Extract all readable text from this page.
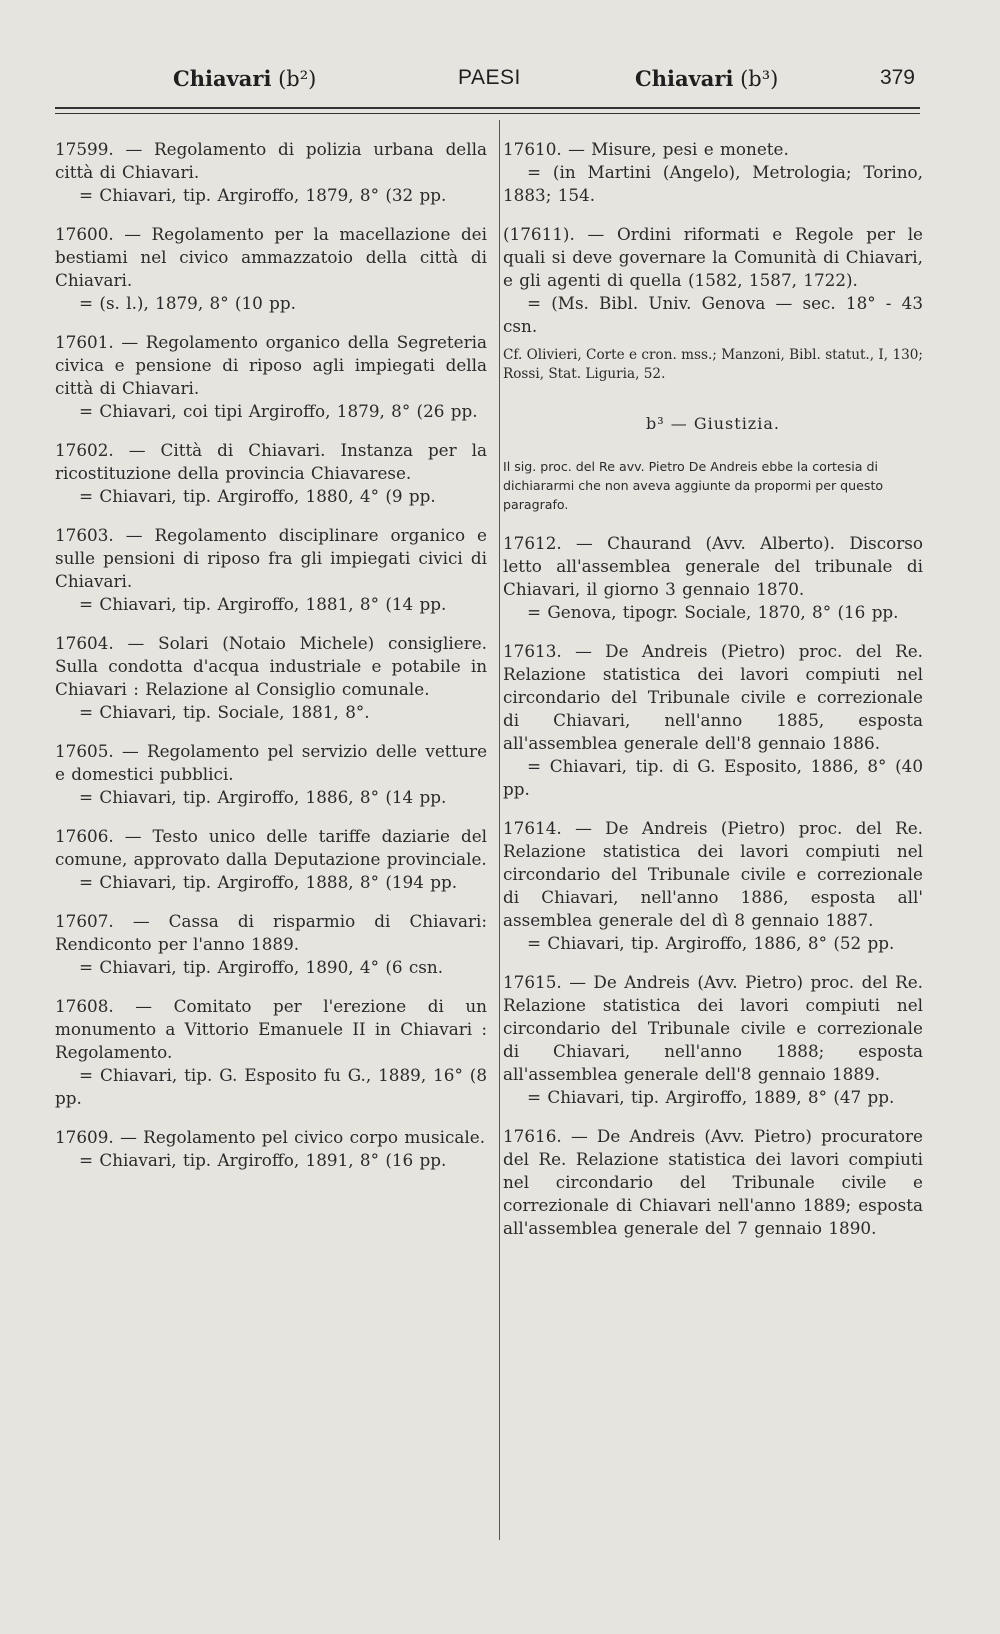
Chiavari (b²)	PAESI	Chiavari (b³)	379
17599. — Regolamento di polizia urbana della città di Chiavari.
= Chiavari, tip. Argiroffo, 1879, 8° (32 pp.
17600. — Regolamento per la macellazione dei bestiami nel civico ammazzatoio della città di Chiavari.
= (s. l.), 1879, 8° (10 pp.
17601. — Regolamento organico della Segreteria civica e pensione di riposo agli impiegati della città di Chiavari.
= Chiavari, coi tipi Argiroffo, 1879, 8° (26 pp.
17602. — Città di Chiavari. Instanza per la ricostituzione della provincia Chiavarese.
= Chiavari, tip. Argiroffo, 1880, 4° (9 pp.
17603. — Regolamento disciplinare organico e sulle pensioni di riposo fra gli impiegati civici di Chiavari.
= Chiavari, tip. Argiroffo, 1881, 8° (14 pp.
17604. — Solari (Notaio Michele) consigliere. Sulla condotta d'acqua industriale e potabile in Chiavari : Relazione al Consiglio comunale.
= Chiavari, tip. Sociale, 1881, 8°.
17605. — Regolamento pel servizio delle vetture e domestici pubblici.
= Chiavari, tip. Argiroffo, 1886, 8° (14 pp.
17606. — Testo unico delle tariffe daziarie del comune, approvato dalla Deputazione provinciale.
= Chiavari, tip. Argiroffo, 1888, 8° (194 pp.
17607. — Cassa di risparmio di Chiavari: Rendiconto per l'anno 1889.
= Chiavari, tip. Argiroffo, 1890, 4° (6 csn.
17608. — Comitato per l'erezione di un monumento a Vittorio Emanuele II in Chiavari : Regolamento.
= Chiavari, tip. G. Esposito fu G., 1889, 16° (8 pp.
17609. — Regolamento pel civico corpo musicale.
= Chiavari, tip. Argiroffo, 1891, 8° (16 pp.
17610. — Misure, pesi e monete.
= (in Martini (Angelo), Metrologia; Torino, 1883; 154.
(17611). — Ordini riformati e Regole per le quali si deve governare la Comunità di Chiavari, e gli agenti di quella (1582, 1587, 1722).
= (Ms. Bibl. Univ. Genova — sec. 18° - 43 csn.
Cf. Olivieri, Corte e cron. mss.; Manzoni, Bibl. statut., I, 130; Rossi, Stat. Liguria, 52.
b³ — Giustizia.
Il sig. proc. del Re avv. Pietro De Andreis ebbe la cortesia di dichiararmi che non aveva aggiunte da propormi per questo paragrafo.
17612. — Chaurand (Avv. Alberto). Discorso letto all'assemblea generale del tribunale di Chiavari, il giorno 3 gennaio 1870.
= Genova, tipogr. Sociale, 1870, 8° (16 pp.
17613. — De Andreis (Pietro) proc. del Re. Relazione statistica dei lavori compiuti nel circondario del Tribunale civile e correzionale di Chiavari, nell'anno 1885, esposta all'assemblea generale dell'8 gennaio 1886.
= Chiavari, tip. di G. Esposito, 1886, 8° (40 pp.
17614. — De Andreis (Pietro) proc. del Re. Relazione statistica dei lavori compiuti nel circondario del Tribunale civile e correzionale di Chiavari, nell'anno 1886, esposta all' assemblea generale del dì 8 gennaio 1887.
= Chiavari, tip. Argiroffo, 1886, 8° (52 pp.
17615. — De Andreis (Avv. Pietro) proc. del Re. Relazione statistica dei lavori compiuti nel circondario del Tribunale civile e correzionale di Chiavari, nell'anno 1888; esposta all'assemblea generale dell'8 gennaio 1889.
= Chiavari, tip. Argiroffo, 1889, 8° (47 pp.
17616. — De Andreis (Avv. Pietro) procuratore del Re. Relazione statistica dei lavori compiuti nel circondario del Tribunale civile e correzionale di Chiavari nell'anno 1889; esposta all'assemblea generale del 7 gennaio 1890.
